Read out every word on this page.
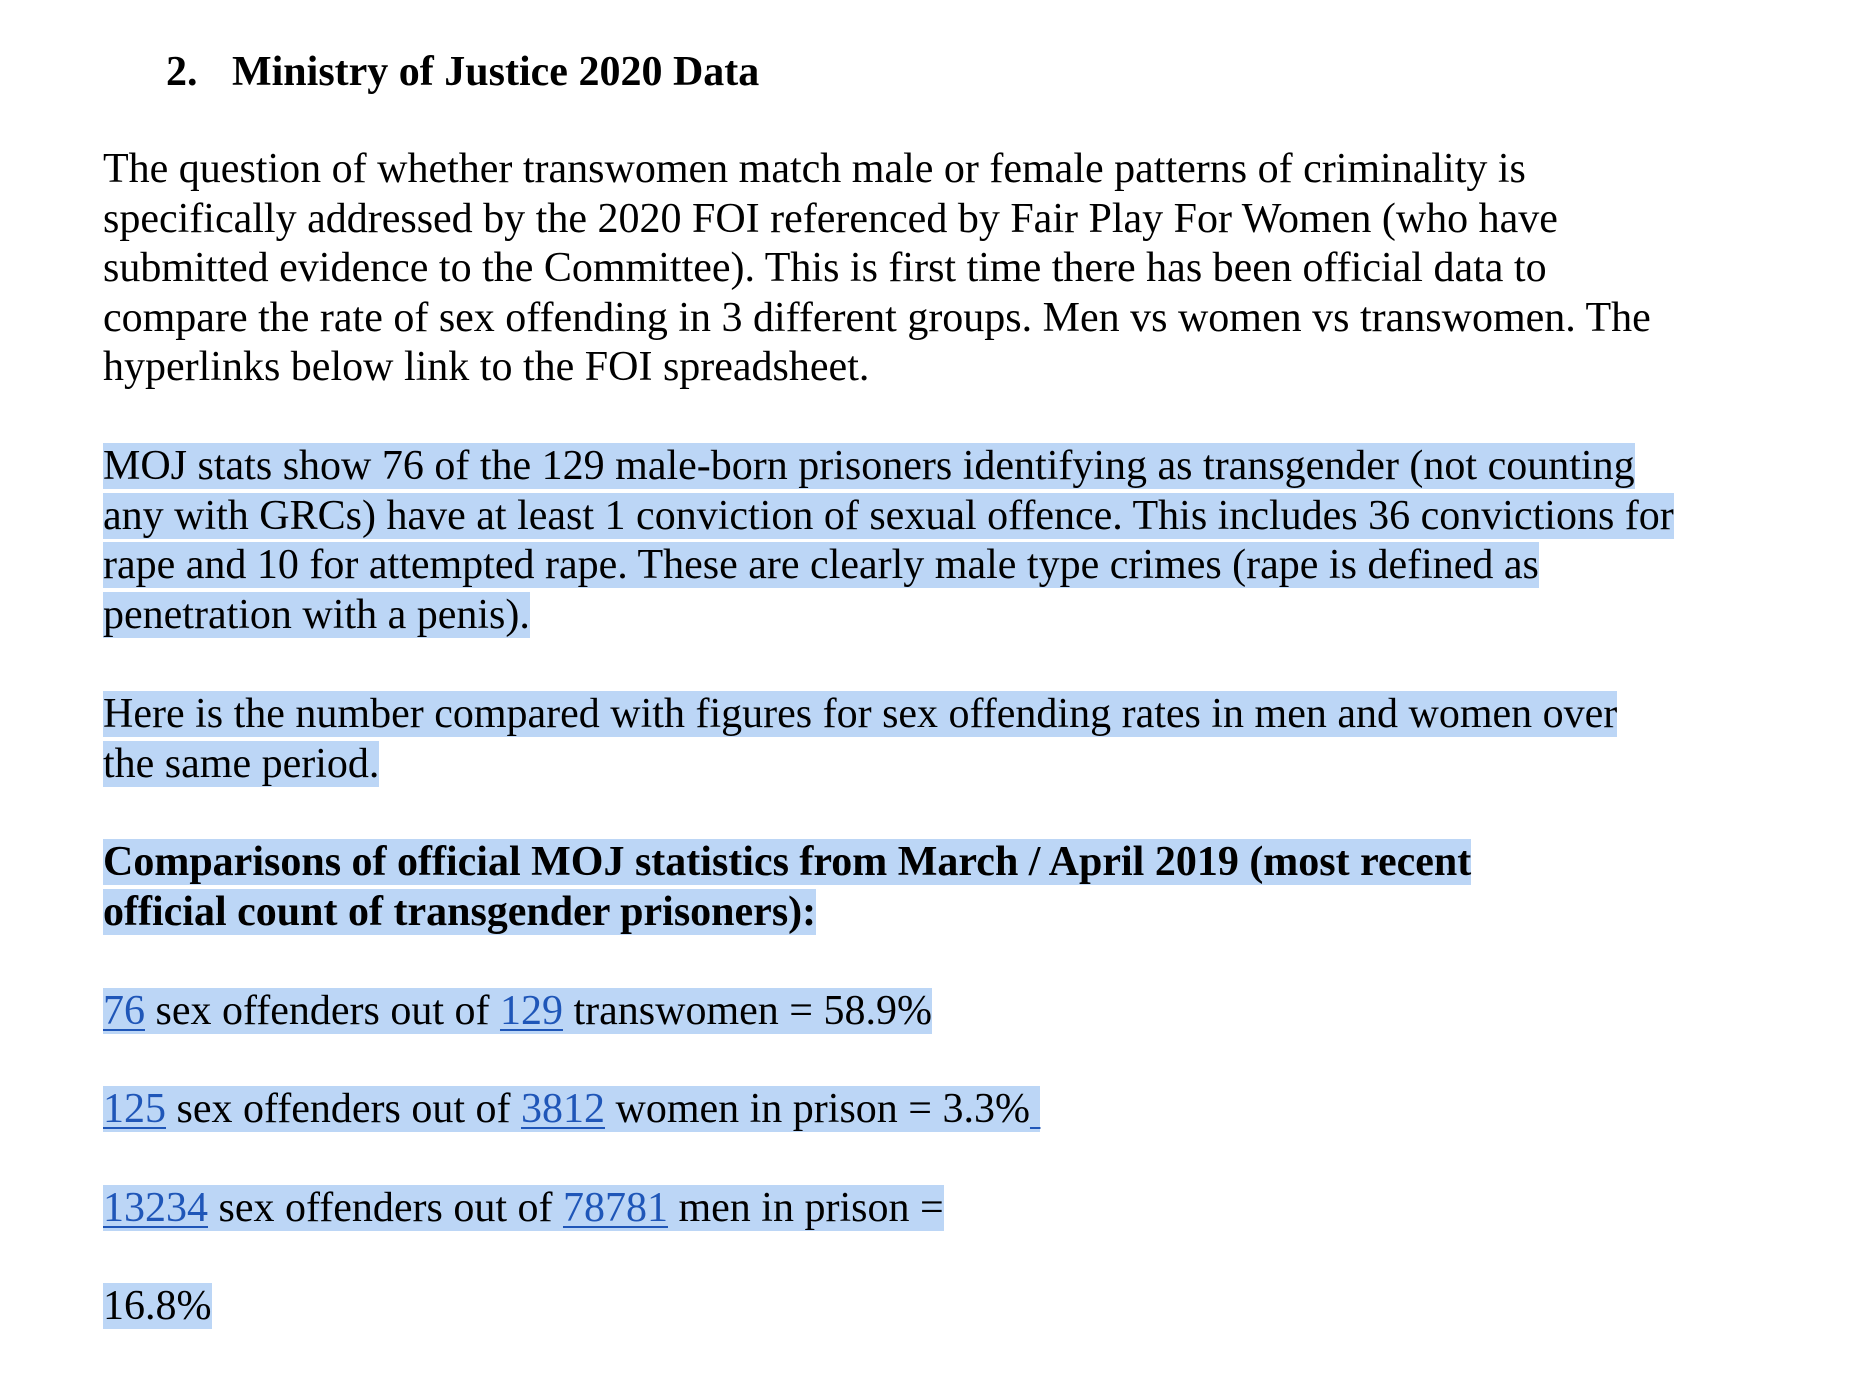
2. Ministry of Justice 2020 Data
The question of whether transwomen match male or female patterns of criminality is
specifically addressed by the 2020 FOI referenced by Fair Play For Women (who have
submitted evidence to the Committee). This is first time there has been official data to
compare the rate of sex offending in 3 different groups. Men vs women vs transwomen. The
hyperlinks below link to the FOI spreadsheet.
MOJ stats show 76 of the 129 male-born prisoners identifying as transgender (not counting
any with GRCs) have at least 1 conviction of sexual offence. This includes 36 convictions for
rape and 10 for attempted rape. These are clearly male type crimes (rape is defined as
penetration with a penis).
Here is the number compared with figures for sex offending rates in men and women over
the same period.
Comparisons of official MOJ statistics from March / April 2019 (most recent
official count of transgender prisoners):
76 sex offenders out of 129 transwomen = 58.9%
125 sex offenders out of 3812 women in prison = 3.3%
13234 sex offenders out of 78781 men in prison =
16.8%
